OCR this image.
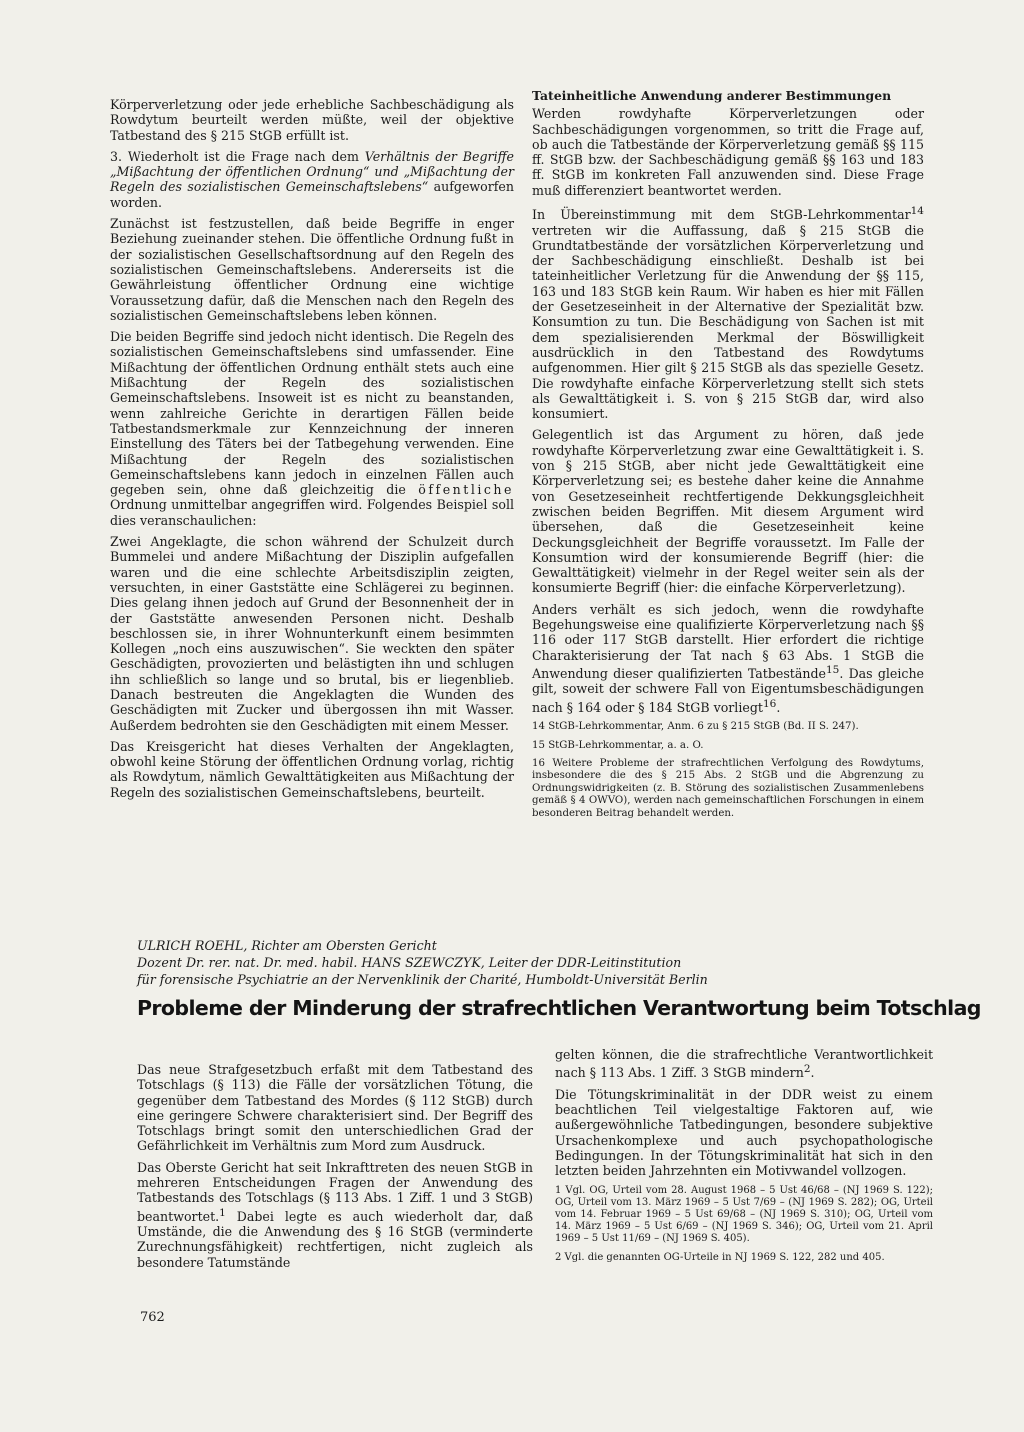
Körperverletzung oder jede erhebliche Sachbeschädigung als Rowdytum beurteilt werden müßte, weil der objektive Tatbestand des § 215 StGB erfüllt ist.

3. Wiederholt ist die Frage nach dem Verhältnis der Begriffe „Mißachtung der öffentlichen Ordnung“ und „Mißachtung der Regeln des sozialistischen Gemeinschaftslebens“ aufgeworfen worden.

Zunächst ist festzustellen, daß beide Begriffe in enger Beziehung zueinander stehen. Die öffentliche Ordnung fußt in der sozialistischen Gesellschaftsordnung auf den Regeln des sozialistischen Gemeinschaftslebens. Andererseits ist die Gewährleistung öffentlicher Ordnung eine wichtige Voraussetzung dafür, daß die Menschen nach den Regeln des sozialistischen Gemeinschaftslebens leben können.

Die beiden Begriffe sind jedoch nicht identisch. Die Regeln des sozialistischen Gemeinschaftslebens sind umfassender. Eine Mißachtung der öffentlichen Ordnung enthält stets auch eine Mißachtung der Regeln des sozialistischen Gemeinschaftslebens. Insoweit ist es nicht zu beanstanden, wenn zahlreiche Gerichte in derartigen Fällen beide Tatbestandsmerkmale zur Kennzeichnung der inneren Einstellung des Täters bei der Tatbegehung verwenden. Eine Mißachtung der Regeln des sozialistischen Gemeinschaftslebens kann jedoch in einzelnen Fällen auch gegeben sein, ohne daß gleichzeitig die öffentliche Ordnung unmittelbar angegriffen wird. Folgendes Beispiel soll dies veranschaulichen:

Zwei Angeklagte, die schon während der Schulzeit durch Bummelei und andere Mißachtung der Disziplin aufgefallen waren und die eine schlechte Arbeitsdisziplin zeigten, versuchten, in einer Gaststätte eine Schlägerei zu beginnen. Dies gelang ihnen jedoch auf Grund der Besonnenheit der in der Gaststätte anwesenden Personen nicht. Deshalb beschlossen sie, in ihrer Wohnunterkunft einem besimmten Kollegen „noch eins auszuwischen“. Sie weckten den später Geschädigten, provozierten und belästigten ihn und schlugen ihn schließlich so lange und so brutal, bis er liegenblieb. Danach bestreuten die Angeklagten die Wunden des Geschädigten mit Zucker und übergossen ihn mit Wasser. Außerdem bedrohten sie den Geschädigten mit einem Messer.

Das Kreisgericht hat dieses Verhalten der Angeklagten, obwohl keine Störung der öffentlichen Ordnung vorlag, richtig als Rowdytum, nämlich Gewalttätigkeiten aus Mißachtung der Regeln des sozialistischen Gemeinschaftslebens, beurteilt.

Tateinheitliche Anwendung anderer Bestimmungen

Werden rowdyhafte Körperverletzungen oder Sachbeschädigungen vorgenommen, so tritt die Frage auf, ob auch die Tatbestände der Körperverletzung gemäß §§ 115 ff. StGB bzw. der Sachbeschädigung gemäß §§ 163 und 183 ff. StGB im konkreten Fall anzuwenden sind. Diese Frage muß differenziert beantwortet werden.

In Übereinstimmung mit dem StGB-Lehrkommentar$^{14}$ vertreten wir die Auffassung, daß § 215 StGB die Grundtatbestände der vorsätzlichen Körperverletzung und der Sachbeschädigung einschließt. Deshalb ist bei tateinheitlicher Verletzung für die Anwendung der §§ 115, 163 und 183 StGB kein Raum. Wir haben es hier mit Fällen der Gesetzeseinheit in der Alternative der Spezialität bzw. Konsumtion zu tun. Die Beschädigung von Sachen ist mit dem spezialisierenden Merkmal der Böswilligkeit ausdrücklich in den Tatbestand des Rowdytums aufgenommen. Hier gilt § 215 StGB als das spezielle Gesetz. Die rowdyhafte einfache Körperverletzung stellt sich stets als Gewalttätigkeit i. S. von § 215 StGB dar, wird also konsumiert.

Gelegentlich ist das Argument zu hören, daß jede rowdyhafte Körperverletzung zwar eine Gewalttätigkeit i. S. von § 215 StGB, aber nicht jede Gewalttätigkeit eine Körperverletzung sei; es bestehe daher keine die Annahme von Gesetzeseinheit rechtfertigende Dekkungsgleichheit zwischen beiden Begriffen. Mit diesem Argument wird übersehen, daß die Gesetzeseinheit keine Deckungsgleichheit der Begriffe voraussetzt. Im Falle der Konsumtion wird der konsumierende Begriff (hier: die Gewalttätigkeit) vielmehr in der Regel weiter sein als der konsumierte Begriff (hier: die einfache Körperverletzung).

Anders verhält es sich jedoch, wenn die rowdyhafte Begehungsweise eine qualifizierte Körperverletzung nach §§ 116 oder 117 StGB darstellt. Hier erfordert die richtige Charakterisierung der Tat nach § 63 Abs. 1 StGB die Anwendung dieser qualifizierten Tatbestände$^{15}$. Das gleiche gilt, soweit der schwere Fall von Eigentumsbeschädigungen nach § 164 oder § 184 StGB vorliegt$^{16}$.

14 StGB-Lehrkommentar, Anm. 6 zu § 215 StGB (Bd. II S. 247).

15 StGB-Lehrkommentar, a. a. O.

16 Weitere Probleme der strafrechtlichen Verfolgung des Rowdytums, insbesondere die des § 215 Abs. 2 StGB und die Abgrenzung zu Ordnungswidrigkeiten (z. B. Störung des sozialistischen Zusammenlebens gemäß § 4 OWVO), werden nach gemeinschaftlichen Forschungen in einem besonderen Beitrag behandelt werden.

ULRICH ROEHL, Richter am Obersten Gericht
Dozent Dr. rer. nat. Dr. med. habil. HANS SZEWCZYK, Leiter der DDR-Leitinstitution
für forensische Psychiatrie an der Nervenklinik der Charité, Humboldt-Universität Berlin
Probleme der Minderung der strafrechtlichen Verantwortung beim Totschlag

Das neue Strafgesetzbuch erfaßt mit dem Tatbestand des Totschlags (§ 113) die Fälle der vorsätzlichen Tötung, die gegenüber dem Tatbestand des Mordes (§ 112 StGB) durch eine geringere Schwere charakterisiert sind. Der Begriff des Totschlags bringt somit den unterschiedlichen Grad der Gefährlichkeit im Verhältnis zum Mord zum Ausdruck.

Das Oberste Gericht hat seit Inkrafttreten des neuen StGB in mehreren Entscheidungen Fragen der Anwendung des Tatbestands des Totschlags (§ 113 Abs. 1 Ziff. 1 und 3 StGB) beantwortet.$^1$ Dabei legte es auch wiederholt dar, daß Umstände, die die Anwendung des § 16 StGB (verminderte Zurechnungsfähigkeit) rechtfertigen, nicht zugleich als besondere Tatumstände

gelten können, die die strafrechtliche Verantwortlichkeit nach § 113 Abs. 1 Ziff. 3 StGB mindern$^2$.

Die Tötungskriminalität in der DDR weist zu einem beachtlichen Teil vielgestaltige Faktoren auf, wie außergewöhnliche Tatbedingungen, besondere subjektive Ursachenkomplexe und auch psychopathologische Bedingungen. In der Tötungskriminalität hat sich in den letzten beiden Jahrzehnten ein Motivwandel vollzogen.

1 Vgl. OG, Urteil vom 28. August 1968 – 5 Ust 46/68 – (NJ 1969 S. 122); OG, Urteil vom 13. März 1969 – 5 Ust 7/69 – (NJ 1969 S. 282); OG, Urteil vom 14. Februar 1969 – 5 Ust 69/68 – (NJ 1969 S. 310); OG, Urteil vom 14. März 1969 – 5 Ust 6/69 – (NJ 1969 S. 346); OG, Urteil vom 21. April 1969 – 5 Ust 11/69 – (NJ 1969 S. 405).

2 Vgl. die genannten OG-Urteile in NJ 1969 S. 122, 282 und 405.

762
